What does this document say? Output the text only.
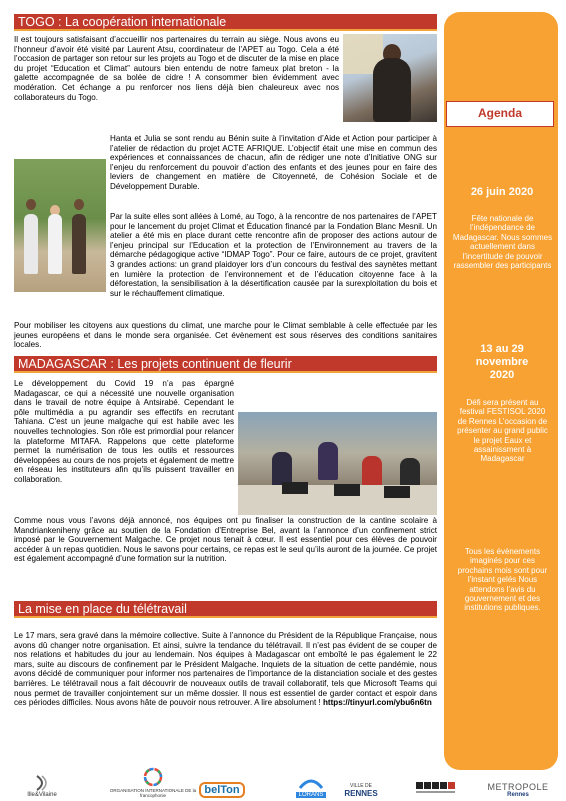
TOGO : La coopération internationale

Il est toujours satisfaisant d’accueillir nos partenaires du terrain au siège. Nous avons eu l’honneur d’avoir été visité par Laurent Atsu, coordinateur de l’APET au Togo. Cela a été l’occasion de partager son retour sur les projets au Togo et de discuter de la mise en place du projet “Education et Climat” autours bien entendu de notre fameux plat breton - la galette accompagnée de sa bolée de cidre ! A consommer bien évidemment avec modération. Cet échange a pu renforcer nos liens déjà bien chaleureux avec nos collaborateurs du Togo.

Hanta et Julia se sont rendu au Bénin suite à l’invitation d’Aide et Action pour participer à l’atelier de rédaction du projet ACTE AFRIQUE. L’objectif était une mise en commun des expériences et connaissances de chacun, afin de rédiger une note d’Initiative ONG sur l’enjeu du renforcement du pouvoir d’action des enfants et des jeunes pour en faire des leviers de changement en matière de Citoyenneté, de Cohésion Sociale et de Développement Durable.

Par la suite elles sont allées à Lomé, au Togo, à la rencontre de nos partenaires de l’APET pour le lancement du projet Climat et Éducation financé par la Fondation Blanc Mesnil. Un atelier a été mis en place durant cette rencontre afin de proposer des actions autour de l’enjeu principal sur l’Education et la protection de l’Environnement au travers de la démarche pédagogique active “IDMAP Togo”. Pour ce faire, autours de ce projet, gravitent 3 grandes actions: un grand plaidoyer lors d’un concours du festival des saynètes mettant en lumière la protection de l’environnement et de l’éducation citoyenne face à la déforestation, la sensibilisation à la désertification causée par la surexploitation du bois et sur le réchauffement climatique.

Pour mobiliser les citoyens aux questions du climat, une marche pour le Climat semblable à celle effectuée par les jeunes européens et dans le monde sera organisée. Cet évènement est sous réserves des conditions sanitaires locales.

MADAGASCAR : Les projets continuent de fleurir

Le développement du Covid 19 n’a pas épargné Madagascar, ce qui a nécessité une nouvelle organisation dans le travail de notre équipe à Antsirabé. Cependant le pôle multimédia a pu agrandir ses effectifs en recrutant Tahiana. C’est un jeune malgache qui est habile avec les nouvelles technologies. Son rôle est primordial pour relancer la plateforme MITAFA. Rappelons que cette plateforme permet la numérisation de tous les outils et ressources développées au cours de nos projets et également de mettre en réseau les instituteurs afin qu’ils puissent travailler en collaboration.

Comme nous vous l’avons déjà annoncé, nos équipes ont pu finaliser la construction de la cantine scolaire à Mandriankeniheny grâce au soutien de la Fondation d’Entreprise Bel, avant la l’annonce d’un confinement strict imposé par le Gouvernement Malgache. Ce projet nous tenait à cœur. Il est essentiel pour ces élèves de pouvoir accéder à un repas quotidien. Nous le savons pour certains, ce repas est le seul qu’ils auront de la journée. Ce projet est également accompagné d’une formation sur la nutrition.

La mise en place du télétravail

Le 17 mars, sera gravé dans la mémoire collective. Suite à l’annonce du Président de la République Française, nous avons dû changer notre organisation. Et ainsi, suivre la tendance du télétravail. Il n’est pas évident de se couper de nos relations et habitudes du jour au lendemain. Nos équipes à Madagascar ont emboîté le pas également le 22 mars, suite au discours de confinement par le Président Malgache. Inquiets de la situation de cette pandémie, nous avons décidé de communiquer pour informer nos partenaires de l’importance de la distanciation sociale et des gestes barrières. Le télétravail nous a fait découvrir de nouveaux outils de travail collaboratif, tels que Microsoft Teams qui nous permet de travailler conjointement sur un même dossier. Il nous est essentiel de garder contact et espoir dans ces périodes difficiles. Nous avons hâte de pouvoir nous retrouver. A lire absolument ! https://tinyurl.com/ybu6n6tn

Agenda
26 juin 2020
Fête nationale de l’indépendance de Madagascar. Nous sommes actuellement dans l’incertitude de pouvoir rassembler des participants
13 au 29 novembre 2020
Défi sera présent au festival FESTISOL 2020 de Rennes L’occasion de présenter au grand public le projet Eaux et assainissment à Madagascar
Tous les évènements imaginés pour ces prochains mois sont pour l’instant gelés Nous attendons l’avis du gouvernement et des institutions publiques.
Ille&Vilaine
ORGANISATION INTERNATIONALE DE la francophonie	belTon	LORANS
VILLE DE
RENNES
METROPOLE
Rennes
